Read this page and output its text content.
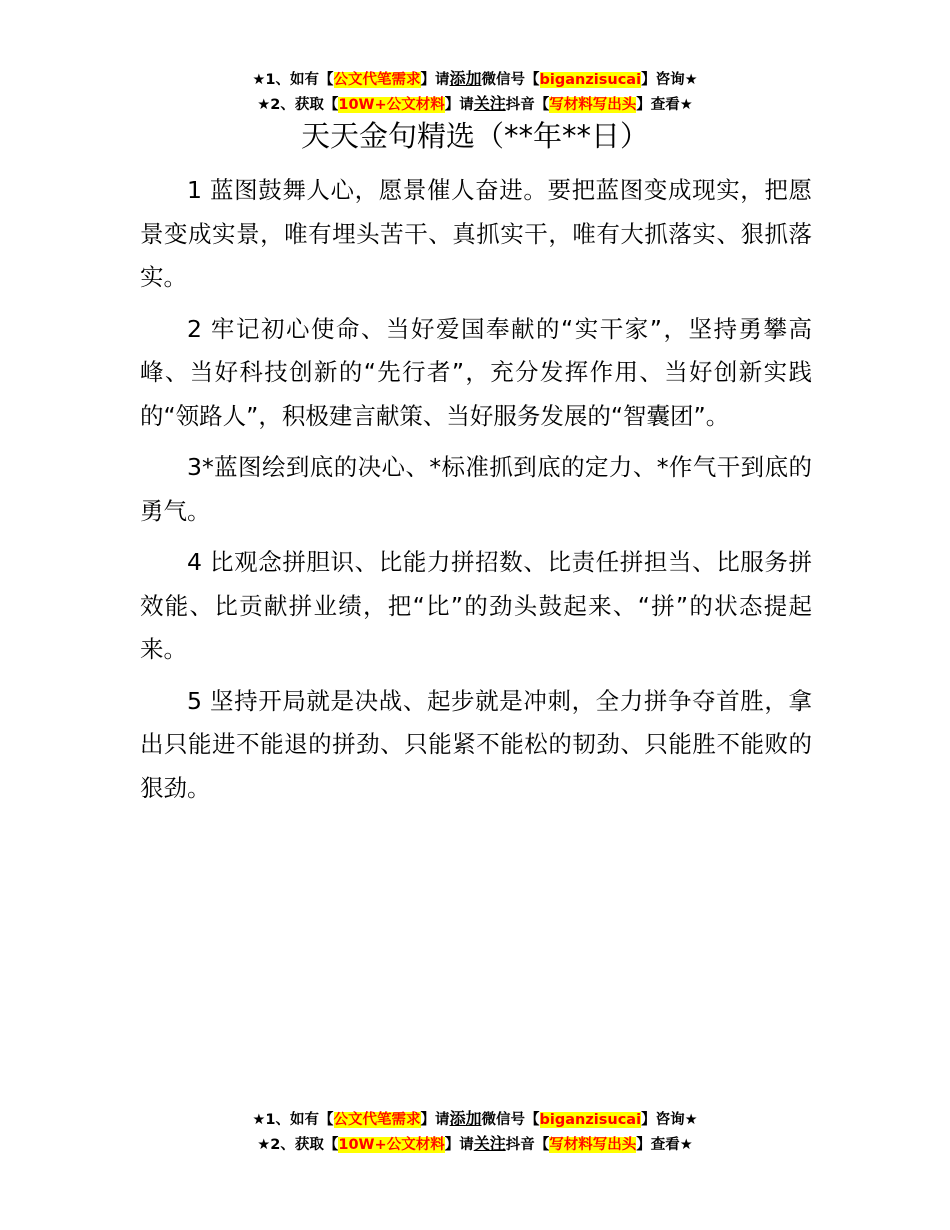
★1、如有【公文代笔需求】请添加微信号【biganzisucai】咨询★
★2、获取【10W+公文材料】请关注抖音【写材料写出头】查看★
天天金句精选（**年**日）

1 蓝图鼓舞人心，愿景催人奋进。要把蓝图变成现实，把愿景变成实景，唯有埋头苦干、真抓实干，唯有大抓落实、狠抓落实。

2 牢记初心使命、当好爱国奉献的“实干家”，坚持勇攀高峰、当好科技创新的“先行者”，充分发挥作用、当好创新实践的“领路人”，积极建言献策、当好服务发展的“智囊团”。

3*蓝图绘到底的决心、*标准抓到底的定力、*作气干到底的勇气。

4 比观念拼胆识、比能力拼招数、比责任拼担当、比服务拼效能、比贡献拼业绩，把“比”的劲头鼓起来、“拼”的状态提起来。

5 坚持开局就是决战、起步就是冲刺，全力拼争夺首胜，拿出只能进不能退的拼劲、只能紧不能松的韧劲、只能胜不能败的狠劲。

★1、如有【公文代笔需求】请添加微信号【biganzisucai】咨询★
★2、获取【10W+公文材料】请关注抖音【写材料写出头】查看★
